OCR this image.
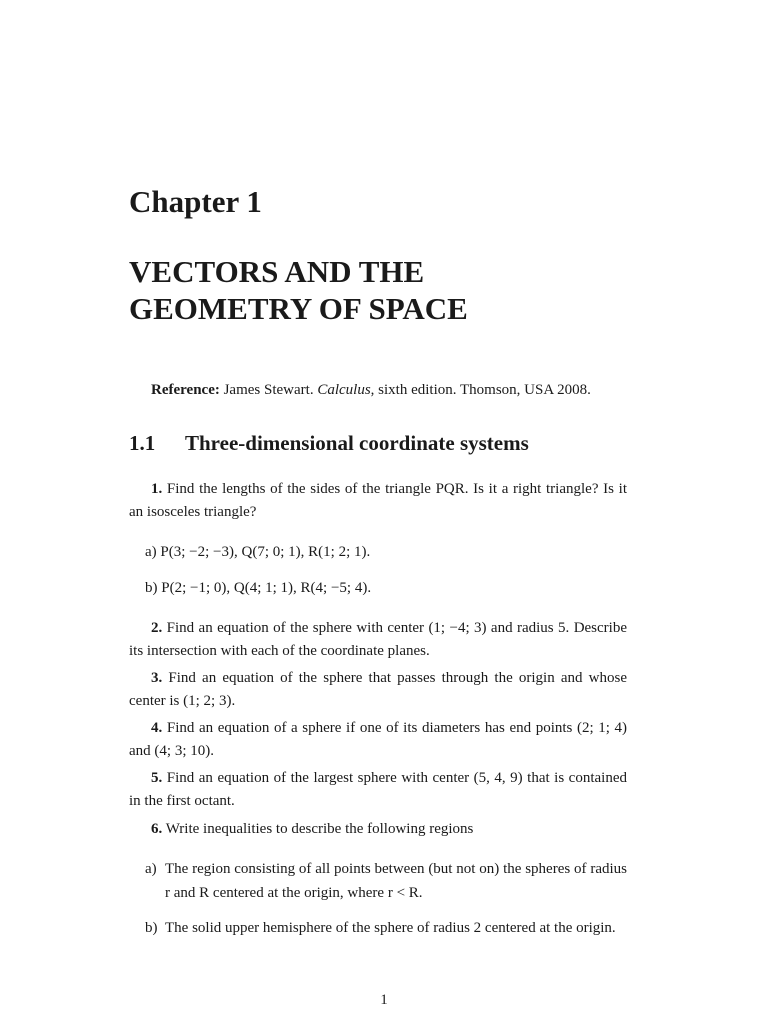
Chapter 1
VECTORS AND THE
GEOMETRY OF SPACE
Reference: James Stewart. Calculus, sixth edition. Thomson, USA 2008.
1.1 Three-dimensional coordinate systems
1. Find the lengths of the sides of the triangle PQR. Is it a right triangle? Is it an isosceles triangle?
a) P(3; −2; −3), Q(7; 0; 1), R(1; 2; 1).
b) P(2; −1; 0), Q(4; 1; 1), R(4; −5; 4).
2. Find an equation of the sphere with center (1; −4; 3) and radius 5. Describe its intersection with each of the coordinate planes.
3. Find an equation of the sphere that passes through the origin and whose center is (1; 2; 3).
4. Find an equation of a sphere if one of its diameters has end points (2; 1; 4) and (4; 3; 10).
5. Find an equation of the largest sphere with center (5, 4, 9) that is contained in the first octant.
6. Write inequalities to describe the following regions
a) The region consisting of all points between (but not on) the spheres of radius r and R centered at the origin, where r < R.
b) The solid upper hemisphere of the sphere of radius 2 centered at the origin.
1
